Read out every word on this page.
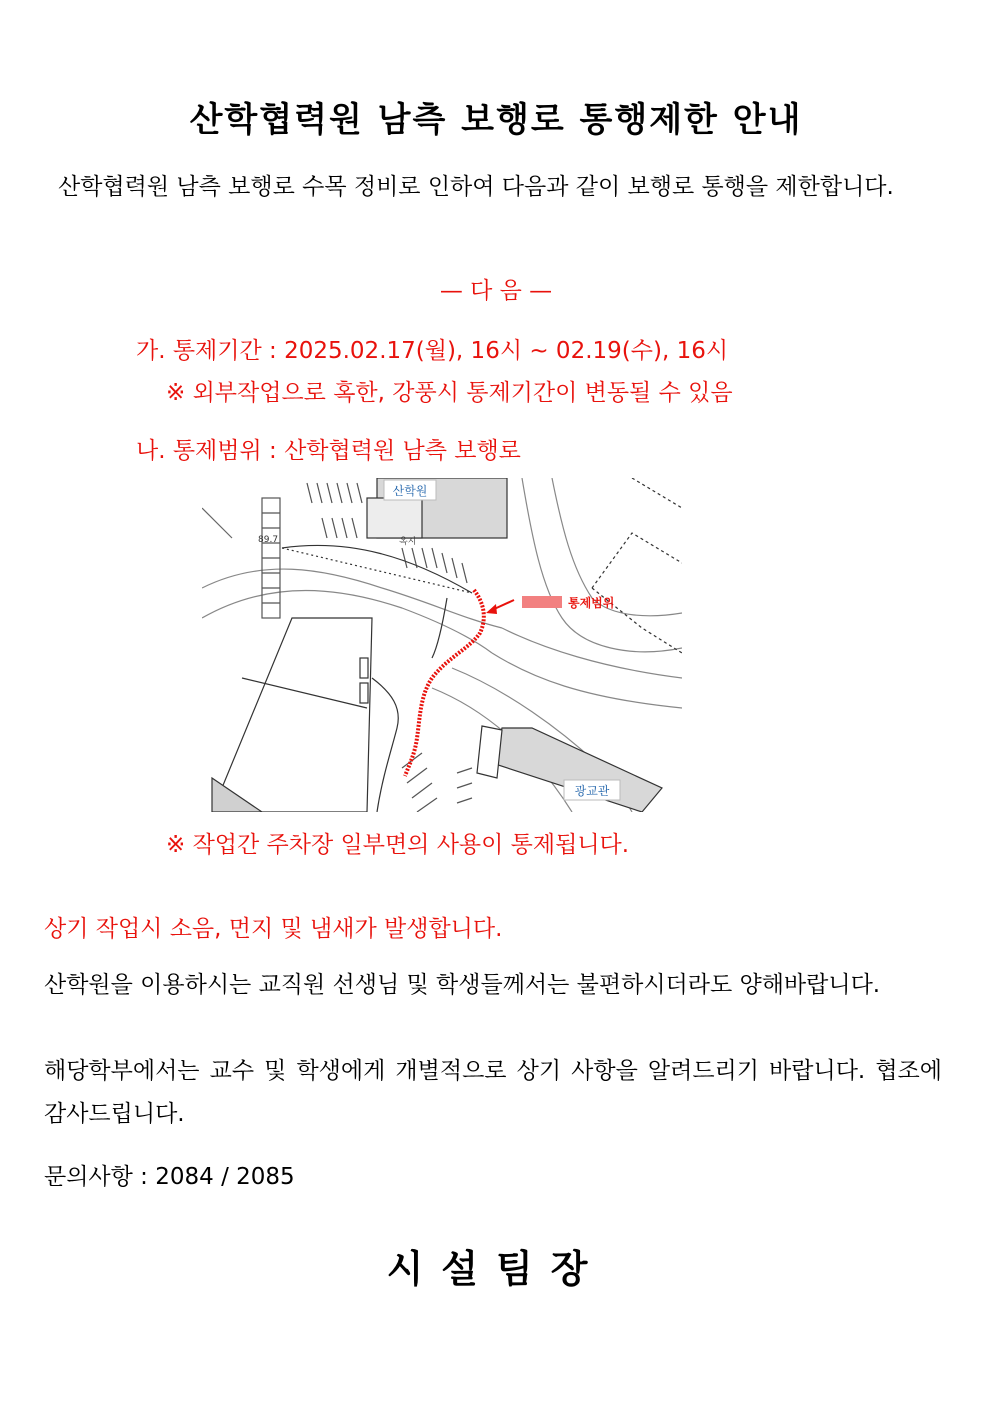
산학협력원 남측 보행로 통행제한 안내
산학협력원 남측 보행로 수목 정비로 인하여 다음과 같이 보행로 통행을 제한합니다.
— 다 음 —
가. 통제기간 : 2025.02.17(월), 16시 ~ 02.19(수), 16시
※ 외부작업으로 혹한, 강풍시 통제기간이 변동될 수 있음
나. 통제범위 : 산학협력원 남측 보행로
산학원
광교관
통제범위
89.7	옥시
※ 작업간 주차장 일부면의 사용이 통제됩니다.
상기 작업시 소음, 먼지 및 냄새가 발생합니다.
산학원을 이용하시는 교직원 선생님 및 학생들께서는 불편하시더라도 양해바랍니다.
해당학부에서는 교수 및 학생에게 개별적으로 상기 사항을 알려드리기 바랍니다. 협조에 감사드립니다.
문의사항 : 2084 / 2085
시설팀장
